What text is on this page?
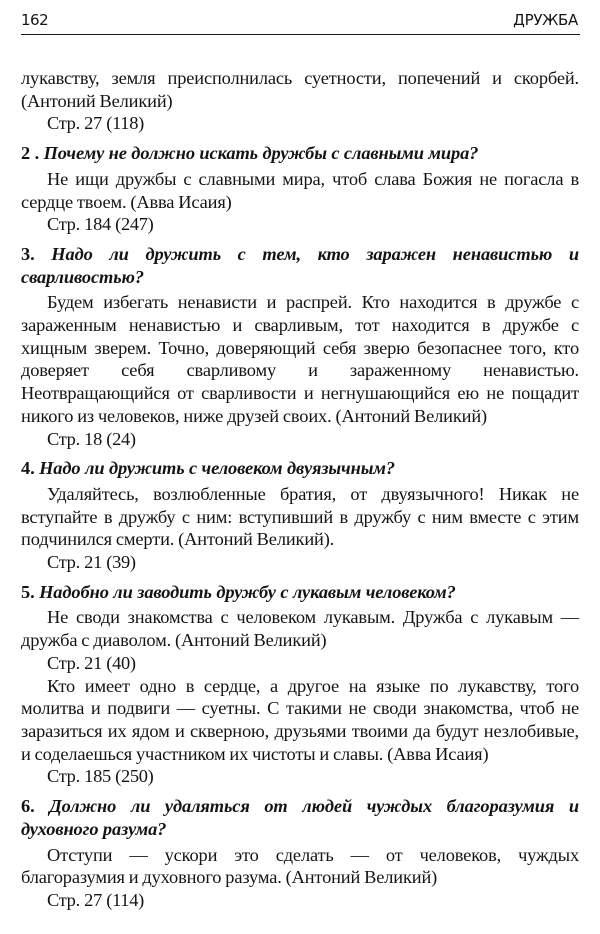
162	ДРУЖБА

лукавству, земля преисполнилась суетности, попечений и скорбей. (Антоний Великий)

Стр. 27 (118)

2 . Почему не должно искать дружбы с славными мира?

Не ищи дружбы с славными мира, чтоб слава Божия не погасла в сердце твоем. (Авва Исаия)

Стр. 184 (247)

3. Надо ли дружить с тем, кто заражен ненавистью и сварливостью?

Будем избегать ненависти и распрей. Кто находится в дружбе с зараженным ненавистью и сварливым, тот находится в дружбе с хищным зверем. Точно, доверяющий себя зверю безопаснее того, кто доверяет себя сварливому и зараженному ненавистью. Неотвращающийся от сварливости и негнушающийся ею не пощадит никого из человеков, ниже друзей своих. (Антоний Великий)

Стр. 18 (24)

4. Надо ли дружить с человеком двуязычным?

Удаляйтесь, возлюбленные братия, от двуязычного! Никак не вступайте в дружбу с ним: вступивший в дружбу с ним вместе с этим подчинился смерти. (Антоний Великий).

Стр. 21 (39)

5. Надобно ли заводить дружбу с лукавым человеком?

Не своди знакомства с человеком лукавым. Дружба с лукавым — дружба с диаволом. (Антоний Великий)

Стр. 21 (40)

Кто имеет одно в сердце, а другое на языке по лукавству, того молитва и подвиги — суетны. С такими не своди знакомства, чтоб не заразиться их ядом и скверною, друзьями твоими да будут незлобивые, и соделаешься участником их чистоты и славы. (Авва Исаия)

Стр. 185 (250)

6. Должно ли удаляться от людей чуждых благоразумия и духовного разума?

Отступи — ускори это сделать — от человеков, чуждых благоразумия и духовного разума. (Антоний Великий)

Стр. 27 (114)
